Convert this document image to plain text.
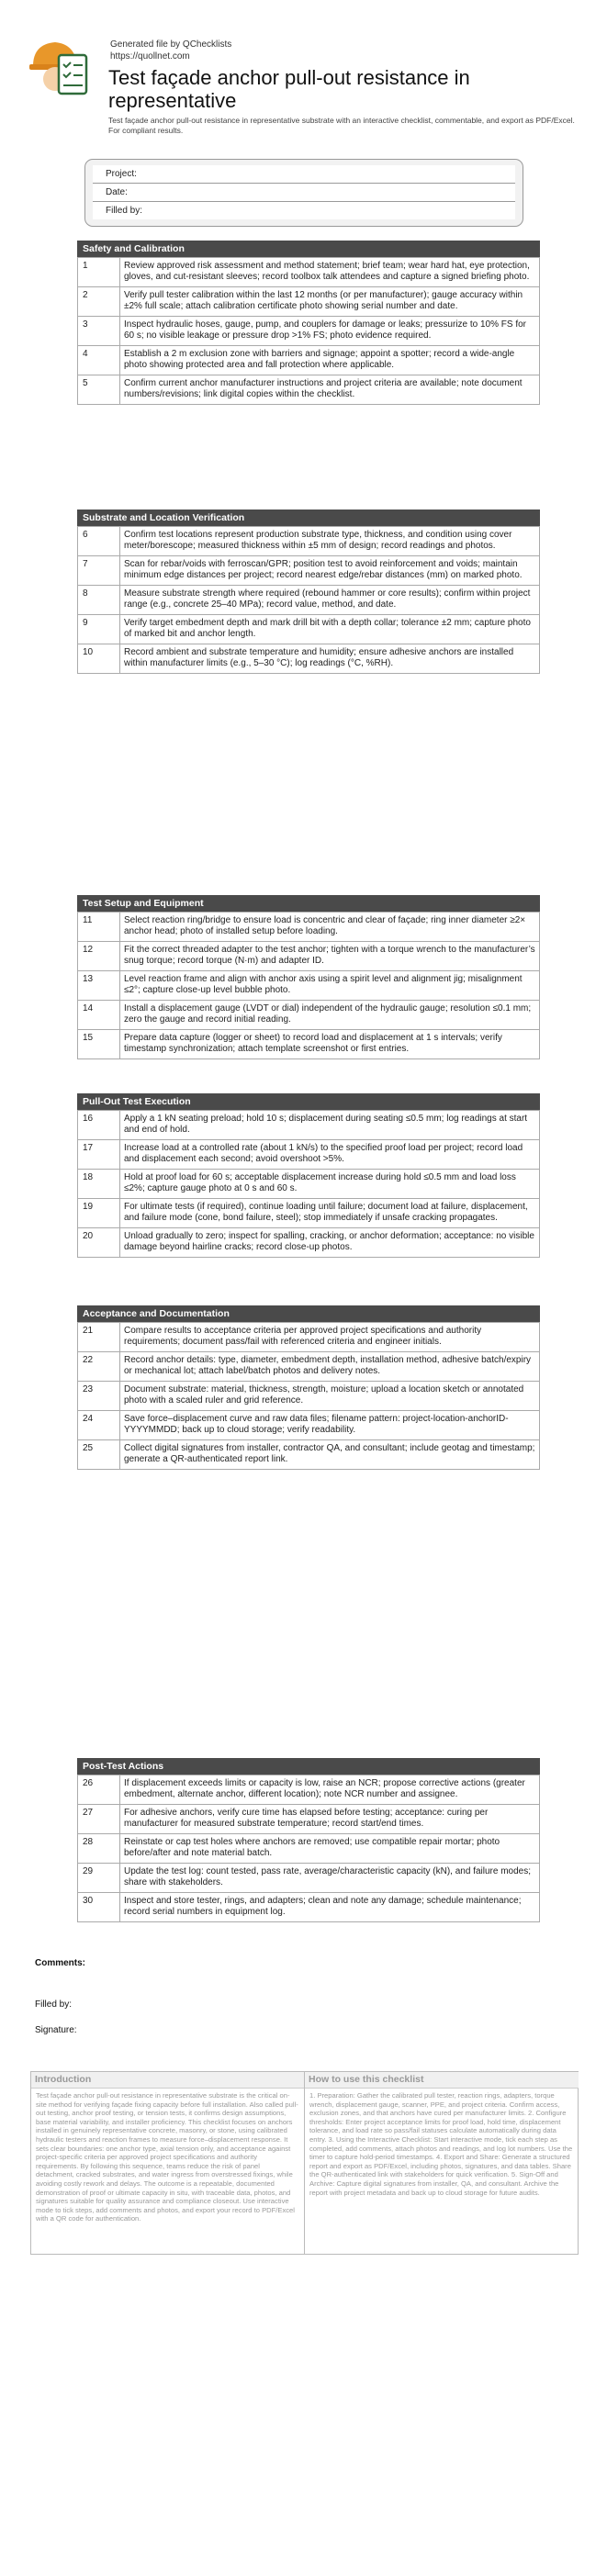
Generated file by QChecklists
https://quollnet.com
Test façade anchor pull-out resistance in representative
Test façade anchor pull-out resistance in representative substrate with an interactive checklist, commentable, and export as PDF/Excel. For compliant results.
Project:
Date:
Filled by:
Safety and Calibration
1	Review approved risk assessment and method statement; brief team; wear hard hat, eye protection, gloves, and cut-resistant sleeves; record toolbox talk attendees and capture a signed briefing photo.
2	Verify pull tester calibration within the last 12 months (or per manufacturer); gauge accuracy within ±2% full scale; attach calibration certificate photo showing serial number and date.
3	Inspect hydraulic hoses, gauge, pump, and couplers for damage or leaks; pressurize to 10% FS for 60 s; no visible leakage or pressure drop >1% FS; photo evidence required.
4	Establish a 2 m exclusion zone with barriers and signage; appoint a spotter; record a wide-angle photo showing protected area and fall protection where applicable.
5	Confirm current anchor manufacturer instructions and project criteria are available; note document numbers/revisions; link digital copies within the checklist.
Substrate and Location Verification
6	Confirm test locations represent production substrate type, thickness, and condition using cover meter/borescope; measured thickness within ±5 mm of design; record readings and photos.
7	Scan for rebar/voids with ferroscan/GPR; position test to avoid reinforcement and voids; maintain minimum edge distances per project; record nearest edge/rebar distances (mm) on marked photo.
8	Measure substrate strength where required (rebound hammer or core results); confirm within project range (e.g., concrete 25–40 MPa); record value, method, and date.
9	Verify target embedment depth and mark drill bit with a depth collar; tolerance ±2 mm; capture photo of marked bit and anchor length.
10	Record ambient and substrate temperature and humidity; ensure adhesive anchors are installed within manufacturer limits (e.g., 5–30 °C); log readings (°C, %RH).
Test Setup and Equipment
11	Select reaction ring/bridge to ensure load is concentric and clear of façade; ring inner diameter ≥2× anchor head; photo of installed setup before loading.
12	Fit the correct threaded adapter to the test anchor; tighten with a torque wrench to the manufacturer’s snug torque; record torque (N·m) and adapter ID.
13	Level reaction frame and align with anchor axis using a spirit level and alignment jig; misalignment ≤2°; capture close-up level bubble photo.
14	Install a displacement gauge (LVDT or dial) independent of the hydraulic gauge; resolution ≤0.1 mm; zero the gauge and record initial reading.
15	Prepare data capture (logger or sheet) to record load and displacement at 1 s intervals; verify timestamp synchronization; attach template screenshot or first entries.
Pull-Out Test Execution
16	Apply a 1 kN seating preload; hold 10 s; displacement during seating ≤0.5 mm; log readings at start and end of hold.
17	Increase load at a controlled rate (about 1 kN/s) to the specified proof load per project; record load and displacement each second; avoid overshoot >5%.
18	Hold at proof load for 60 s; acceptable displacement increase during hold ≤0.5 mm and load loss ≤2%; capture gauge photo at 0 s and 60 s.
19	For ultimate tests (if required), continue loading until failure; document load at failure, displacement, and failure mode (cone, bond failure, steel); stop immediately if unsafe cracking propagates.
20	Unload gradually to zero; inspect for spalling, cracking, or anchor deformation; acceptance: no visible damage beyond hairline cracks; record close-up photos.
Acceptance and Documentation
21	Compare results to acceptance criteria per approved project specifications and authority requirements; document pass/fail with referenced criteria and engineer initials.
22	Record anchor details: type, diameter, embedment depth, installation method, adhesive batch/expiry or mechanical lot; attach label/batch photos and delivery notes.
23	Document substrate: material, thickness, strength, moisture; upload a location sketch or annotated photo with a scaled ruler and grid reference.
24	Save force–displacement curve and raw data files; filename pattern: project-location-anchorID-YYYYMMDD; back up to cloud storage; verify readability.
25	Collect digital signatures from installer, contractor QA, and consultant; include geotag and timestamp; generate a QR-authenticated report link.
Post-Test Actions
26	If displacement exceeds limits or capacity is low, raise an NCR; propose corrective actions (greater embedment, alternate anchor, different location); note NCR number and assignee.
27	For adhesive anchors, verify cure time has elapsed before testing; acceptance: curing per manufacturer for measured substrate temperature; record start/end times.
28	Reinstate or cap test holes where anchors are removed; use compatible repair mortar; photo before/after and note material batch.
29	Update the test log: count tested, pass rate, average/characteristic capacity (kN), and failure modes; share with stakeholders.
30	Inspect and store tester, rings, and adapters; clean and note any damage; schedule maintenance; record serial numbers in equipment log.
Comments:
Filled by:
Signature:
Introduction
Test façade anchor pull-out resistance in representative substrate is the critical on-site method for verifying façade fixing capacity before full installation. Also called pull-out testing, anchor proof testing, or tension tests, it confirms design assumptions, base material variability, and installer proficiency. This checklist focuses on anchors installed in genuinely representative concrete, masonry, or stone, using calibrated hydraulic testers and reaction frames to measure force–displacement response. It sets clear boundaries: one anchor type, axial tension only, and acceptance against project-specific criteria per approved project specifications and authority requirements. By following this sequence, teams reduce the risk of panel detachment, cracked substrates, and water ingress from overstressed fixings, while avoiding costly rework and delays. The outcome is a repeatable, documented demonstration of proof or ultimate capacity in situ, with traceable data, photos, and signatures suitable for quality assurance and compliance closeout. Use interactive mode to tick steps, add comments and photos, and export your record to PDF/Excel with a QR code for authentication.
How to use this checklist
1. Preparation: Gather the calibrated pull tester, reaction rings, adapters, torque wrench, displacement gauge, scanner, PPE, and project criteria. Confirm access, exclusion zones, and that anchors have cured per manufacturer limits. 2. Configure thresholds: Enter project acceptance limits for proof load, hold time, displacement tolerance, and load rate so pass/fail statuses calculate automatically during data entry. 3. Using the Interactive Checklist: Start interactive mode, tick each step as completed, add comments, attach photos and readings, and log lot numbers. Use the timer to capture hold-period timestamps. 4. Export and Share: Generate a structured report and export as PDF/Excel, including photos, signatures, and data tables. Share the QR-authenticated link with stakeholders for quick verification. 5. Sign-Off and Archive: Capture digital signatures from installer, QA, and consultant. Archive the report with project metadata and back up to cloud storage for future audits.
